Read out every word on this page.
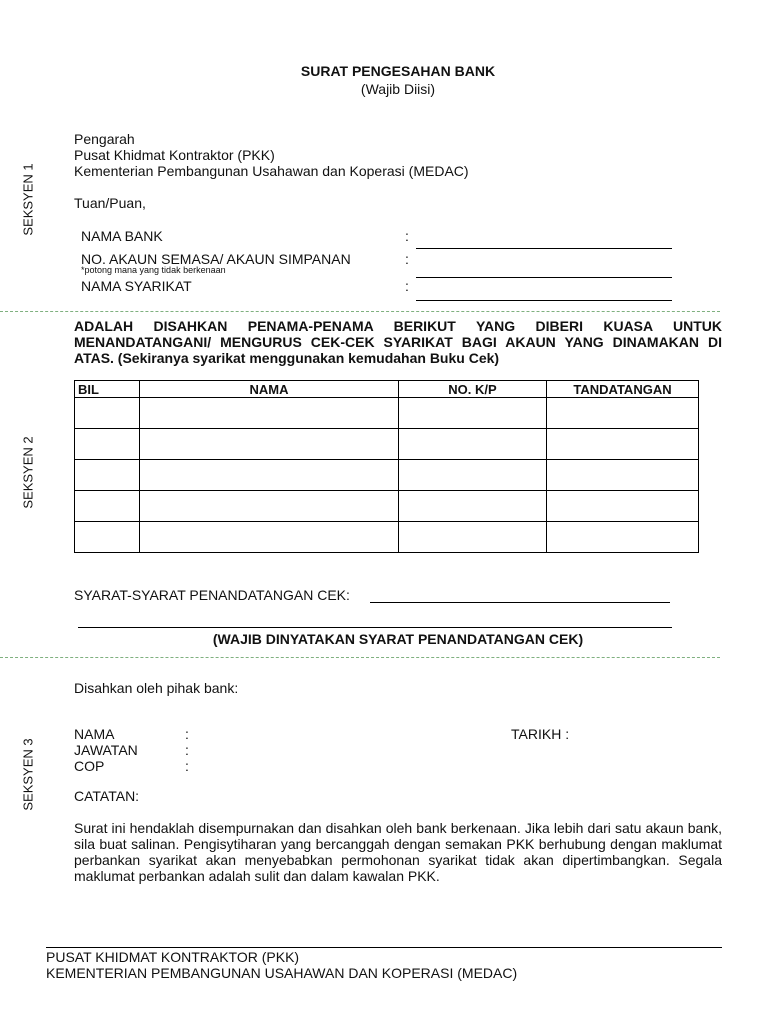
SURAT PENGESAHAN BANK
(Wajib Diisi)
SEKSYEN 1
SEKSYEN 2
SEKSYEN 3
Pengarah
Pusat Khidmat Kontraktor (PKK)
Kementerian Pembangunan Usahawan dan Koperasi (MEDAC)
Tuan/Puan,
NAMA BANK	:
NO. AKAUN SEMASA/ AKAUN SIMPANAN	:
*potong mana yang tidak berkenaan
NAMA SYARIKAT	:
ADALAH DISAHKAN PENAMA-PENAMA BERIKUT YANG DIBERI KUASA UNTUK
MENANDATANGANI/ MENGURUS CEK-CEK SYARIKAT BAGI AKAUN YANG DINAMAKAN DI
ATAS. (Sekiranya syarikat menggunakan kemudahan Buku Cek)
BIL	NAMA	NO. K/P	TANDATANGAN

SYARAT-SYARAT PENANDATANGAN CEK:
(WAJIB DINYATAKAN SYARAT PENANDATANGAN CEK)
Disahkan oleh pihak bank:
NAMA	:	TARIKH :
JAWATAN	:
COP	:
CATATAN:
Surat ini hendaklah disempurnakan dan disahkan oleh bank berkenaan. Jika lebih dari satu akaun bank,
sila buat salinan. Pengisytiharan yang bercanggah dengan semakan PKK berhubung dengan maklumat
perbankan syarikat akan menyebabkan permohonan syarikat tidak akan dipertimbangkan. Segala
maklumat perbankan adalah sulit dan dalam kawalan PKK.
PUSAT KHIDMAT KONTRAKTOR (PKK)
KEMENTERIAN PEMBANGUNAN USAHAWAN DAN KOPERASI (MEDAC)
